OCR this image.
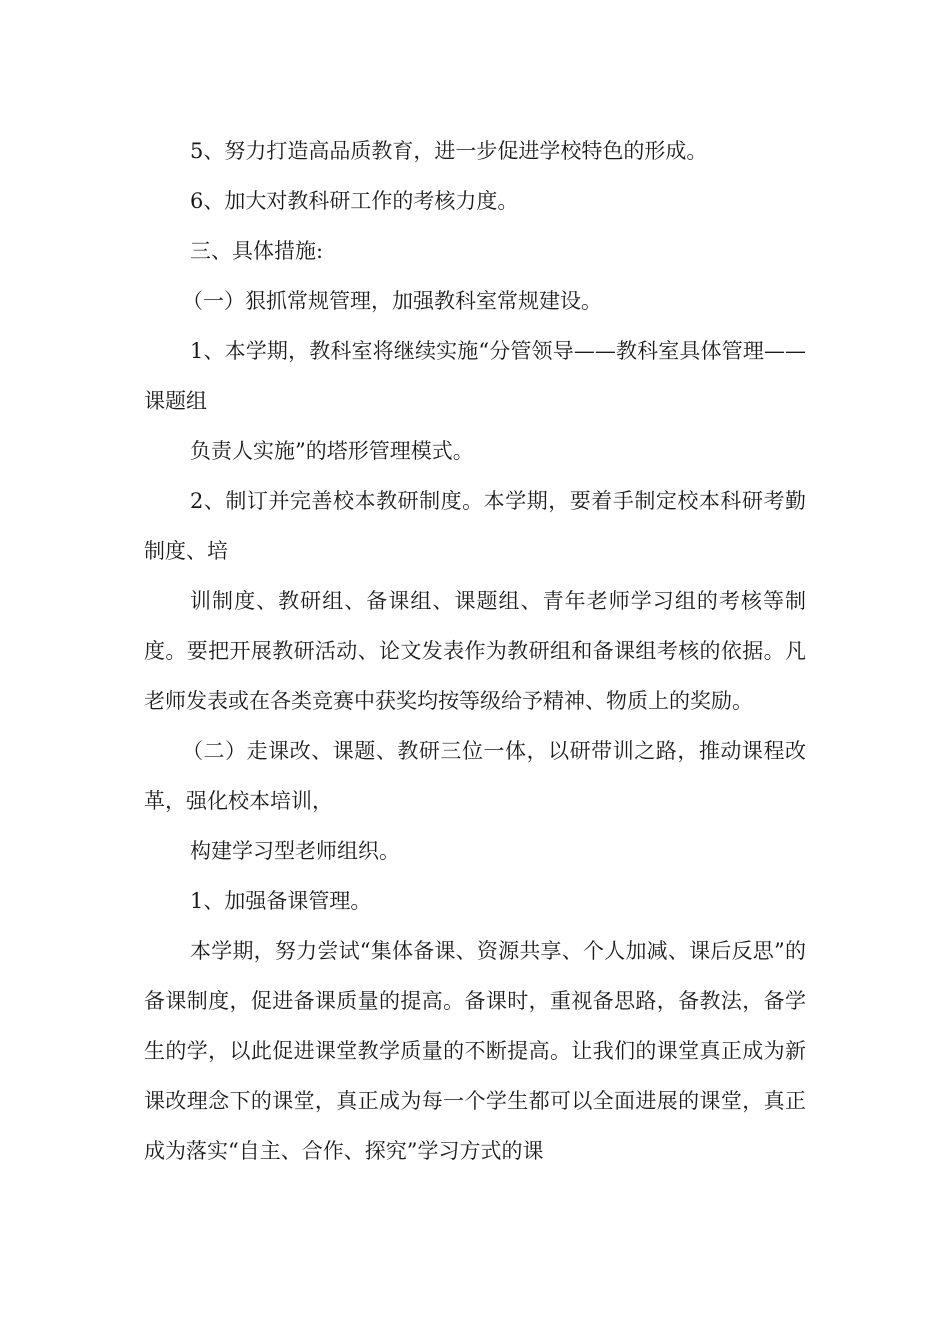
5、努力打造高品质教育，进一步促进学校特色的形成。

6、加大对教科研工作的考核力度。

三、具体措施:

（一）狠抓常规管理，加强教科室常规建设。

1、本学期，教科室将继续实施“分管领导——教科室具体管理——课题组

负责人实施”的塔形管理模式。

2、制订并完善校本教研制度。本学期，要着手制定校本科研考勤制度、培

训制度、教研组、备课组、课题组、青年老师学习组的考核等制度。要把开展教研活动、论文发表作为教研组和备课组考核的依据。凡老师发表或在各类竞赛中获奖均按等级给予精神、物质上的奖励。

（二）走课改、课题、教研三位一体，以研带训之路，推动课程改革，强化校本培训，

构建学习型老师组织。

1、加强备课管理。

本学期，努力尝试“集体备课、资源共享、个人加减、课后反思”的备课制度，促进备课质量的提高。备课时，重视备思路，备教法，备学生的学，以此促进课堂教学质量的不断提高。让我们的课堂真正成为新课改理念下的课堂，真正成为每一个学生都可以全面进展的课堂，真正成为落实“自主、合作、探究”学习方式的课
